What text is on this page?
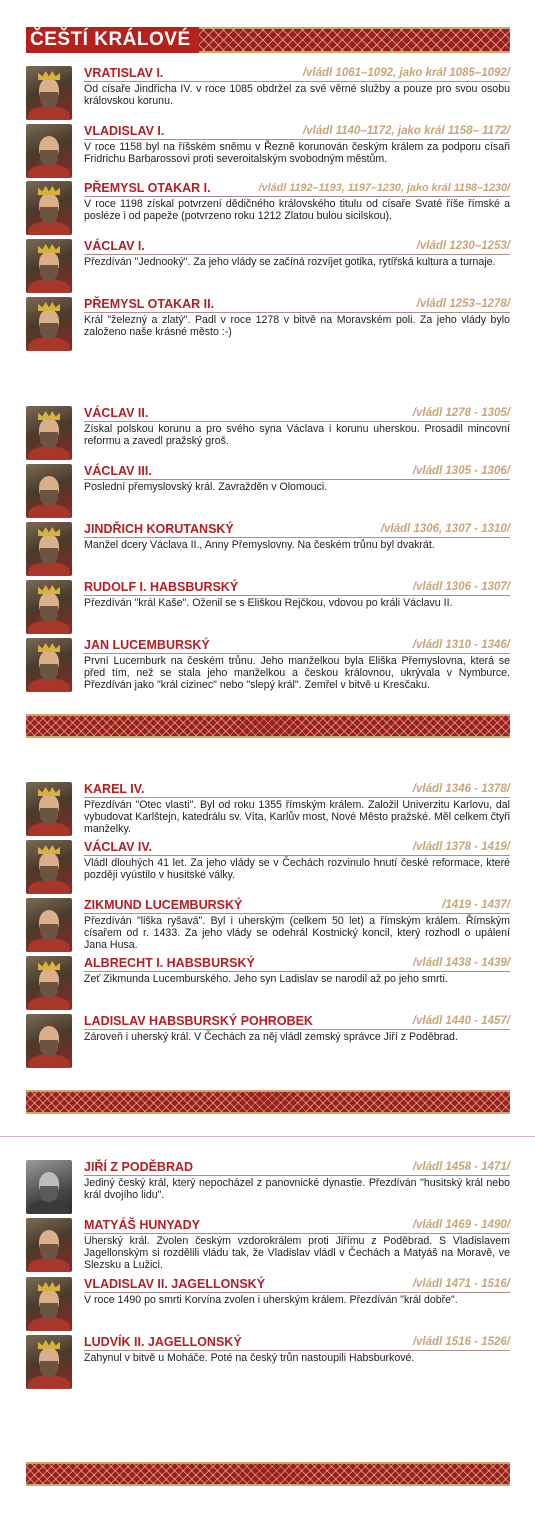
ČEŠTÍ KRÁLOVÉ
VRATISLAV I.	/vládl 1061–1092, jako král 1085–1092/
Od císaře Jindřicha IV. v roce 1085 obdržel za své věrné služby a pouze pro svou osobu královskou korunu.
VLADISLAV I.	/vládl 1140–1172, jako král 1158– 1172/
V roce 1158 byl na říšském sněmu v Řezně korunován českým králem za podporu císaři Fridrichu Barbarossovi proti severoitalským svobodným městům.
PŘEMYSL OTAKAR I.	/vládl 1192–1193, 1197–1230, jako král 1198–1230/
V roce 1198 získal potvrzení dědičného královského titulu od císaře Svaté říše římské a posléze i od papeže (potvrzeno roku 1212 Zlatou bulou sicilskou).
VÁCLAV I.	/vládl 1230–1253/
Přezdíván "Jednooký". Za jeho vlády se začíná rozvíjet gotika, rytířská kultura a turnaje.
PŘEMYSL OTAKAR II.	/vládl 1253–1278/
Král "železný a zlatý". Padl v roce 1278 v bitvě na Moravském poli. Za jeho vlády bylo založeno naše krásné město :-)
VÁCLAV II.	/vládl 1278 - 1305/
Získal polskou korunu a pro svého syna Václava i korunu uherskou. Prosadil mincovní reformu a zavedl pražský groš.
VÁCLAV III.	/vládl 1305 - 1306/
Poslední přemyslovský král. Zavražděn v Olomouci.
JINDŘICH KORUTANSKÝ	/vládl 1306, 1307 - 1310/
Manžel dcery Václava II., Anny Přemyslovny. Na českém trůnu byl dvakrát.
RUDOLF I. HABSBURSKÝ	/vládl 1306 - 1307/
Přezdíván "král Kaše". Oženil se s Eliškou Rejčkou, vdovou po králi Václavu II.
JAN LUCEMBURSKÝ	/vládl 1310 - 1346/
První Lucemburk na českém trůnu. Jeho manželkou byla Eliška Přemyslovna, která se před tím, než se stala jeho manželkou a českou královnou, ukrývala v Nymburce. Přezdíván jako "král cizinec" nebo "slepý král". Zemřel v bitvě u Kresčaku.
KAREL IV.	/vládl 1346 - 1378/
Přezdíván "Otec vlasti". Byl od roku 1355 římským králem. Založil Univerzitu Karlovu, dal vybudovat Karlštejn, katedrálu sv. Víta, Karlův most, Nové Město pražské. Měl celkem čtyři manželky.
VÁCLAV IV.	/vládl 1378 - 1419/
Vládl dlouhých 41 let. Za jeho vlády se v Čechách rozvinulo hnutí české reformace, které později vyústilo v husitské války.
ZIKMUND LUCEMBURSKÝ	/1419 - 1437/
Přezdíván "liška ryšavá". Byl i uherským (celkem 50 let) a římským králem. Římským císařem od r. 1433. Za jeho vlády se odehrál Kostnický koncil, který rozhodl o upálení Jana Husa.
ALBRECHT I. HABSBURSKÝ	/vládl 1438 - 1439/
Zeť Zikmunda Lucemburského. Jeho syn Ladislav se narodil až po jeho smrti.
LADISLAV HABSBURSKÝ POHROBEK	/vládl 1440 - 1457/
Zároveň i uherský král. V Čechách za něj vládl zemský správce Jiří z Poděbrad.
JIŘÍ Z PODĚBRAD	/vládl 1458 - 1471/
Jediný český král, který nepocházel z panovnické dynastie. Přezdíván "husitský král nebo král dvojího lidu".
MATYÁŠ HUNYADY	/vládl 1469 - 1490/
Uherský král. Zvolen českým vzdorokrálem proti Jiřímu z Poděbrad. S Vladislavem Jagellonským si rozdělili vládu tak, že Vladislav vládl v Čechách a Matyáš na Moravě, ve Slezsku a Lužici.
VLADISLAV II. JAGELLONSKÝ	/vládl 1471 - 1516/
V roce 1490 po smrti Korvína zvolen i uherským králem. Přezdíván "král dobře".
LUDVÍK II. JAGELLONSKÝ	/vládl 1516 - 1526/
Zahynul v bitvě u Moháče. Poté na český trůn nastoupili Habsburkové.
